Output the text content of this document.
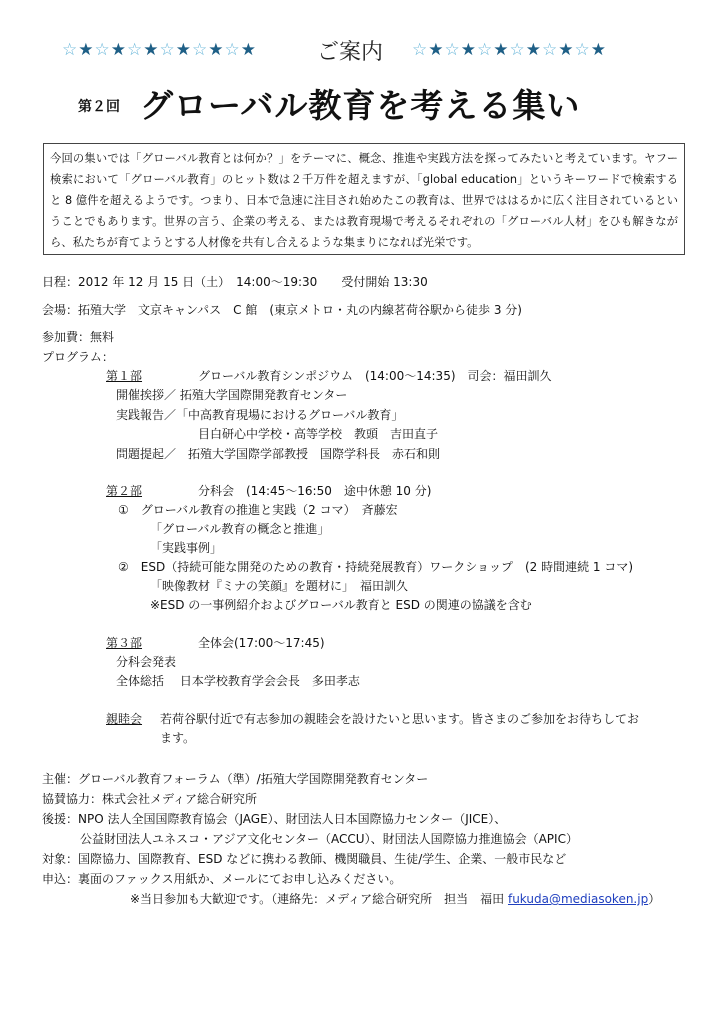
☆★☆★☆★☆★☆★☆★	ご案内 ☆★☆★☆★☆★☆★☆★
第２回 グローバル教育を考える集い
今回の集いでは「グローバル教育とは何か？」をテーマに、概念、推進や実践方法を探ってみたいと考えています。ヤフー検索において「グローバル教育」のヒット数は２千万件を超えますが、「global education」というキーワードで検索すると 8 億件を超えるようです。つまり、日本で急速に注目され始めたこの教育は、世界でははるかに広く注目されているということでもあります。世界の言う、企業の考える、または教育現場で考えるそれぞれの「グローバル人材」をひも解きながら、私たちが育てようとする人材像を共有し合えるような集まりになれば光栄です。
日程：2012 年 12 月 15 日（土）　14:00～19:30　　受付開始 13:30
会場：拓殖大学　文京キャンパス　C 館　(東京メトロ・丸の内線茗荷谷駅から徒歩 3 分)
参加費：無料
プログラム：
第１部	グローバル教育シンポジウム　(14:00～14:35)　司会：福田訓久
開催挨拶／ 拓殖大学国際開発教育センター
実践報告／「中高教育現場におけるグローバル教育」
目白研心中学校・高等学校　教頭　吉田直子
問題提起／　拓殖大学国際学部教授　国際学科長　赤石和則
第２部	分科会　(14:45～16:50　途中休憩 10 分)
①　グローバル教育の推進と実践（2 コマ）　斉藤宏
「グローバル教育の概念と推進」
「実践事例」
②　ESD（持続可能な開発のための教育・持続発展教育）ワークショップ　(2 時間連続 1 コマ)
「映像教材『ミナの笑顔』を題材に」　福田訓久
※ESD の一事例紹介およびグローバル教育と ESD の関連の協議を含む
第３部	全体会(17:00～17:45)
分科会発表
全体総括　 日本学校教育学会会長　多田孝志
親睦会 若荷谷駅付近で有志参加の親睦会を設けたいと思います。皆さまのご参加をお待ちしてお
ます。
主催：グローバル教育フォーラム（準）/拓殖大学国際開発教育センター
協賛協力：株式会社メディア総合研究所
後援：NPO 法人全国国際教育協会（JAGE）、財団法人日本国際協力センター（JICE）、
公益財団法人ユネスコ・アジア文化センター（ACCU）、財団法人国際協力推進協会（APIC）
対象：国際協力、国際教育、ESD などに携わる教師、機関職員、生徒/学生、企業、一般市民など
申込：裏面のファックス用紙か、メールにてお申し込みください。
※当日参加も大歓迎です。（連絡先：メディア総合研究所　担当　福田 fukuda@mediasoken.jp）
